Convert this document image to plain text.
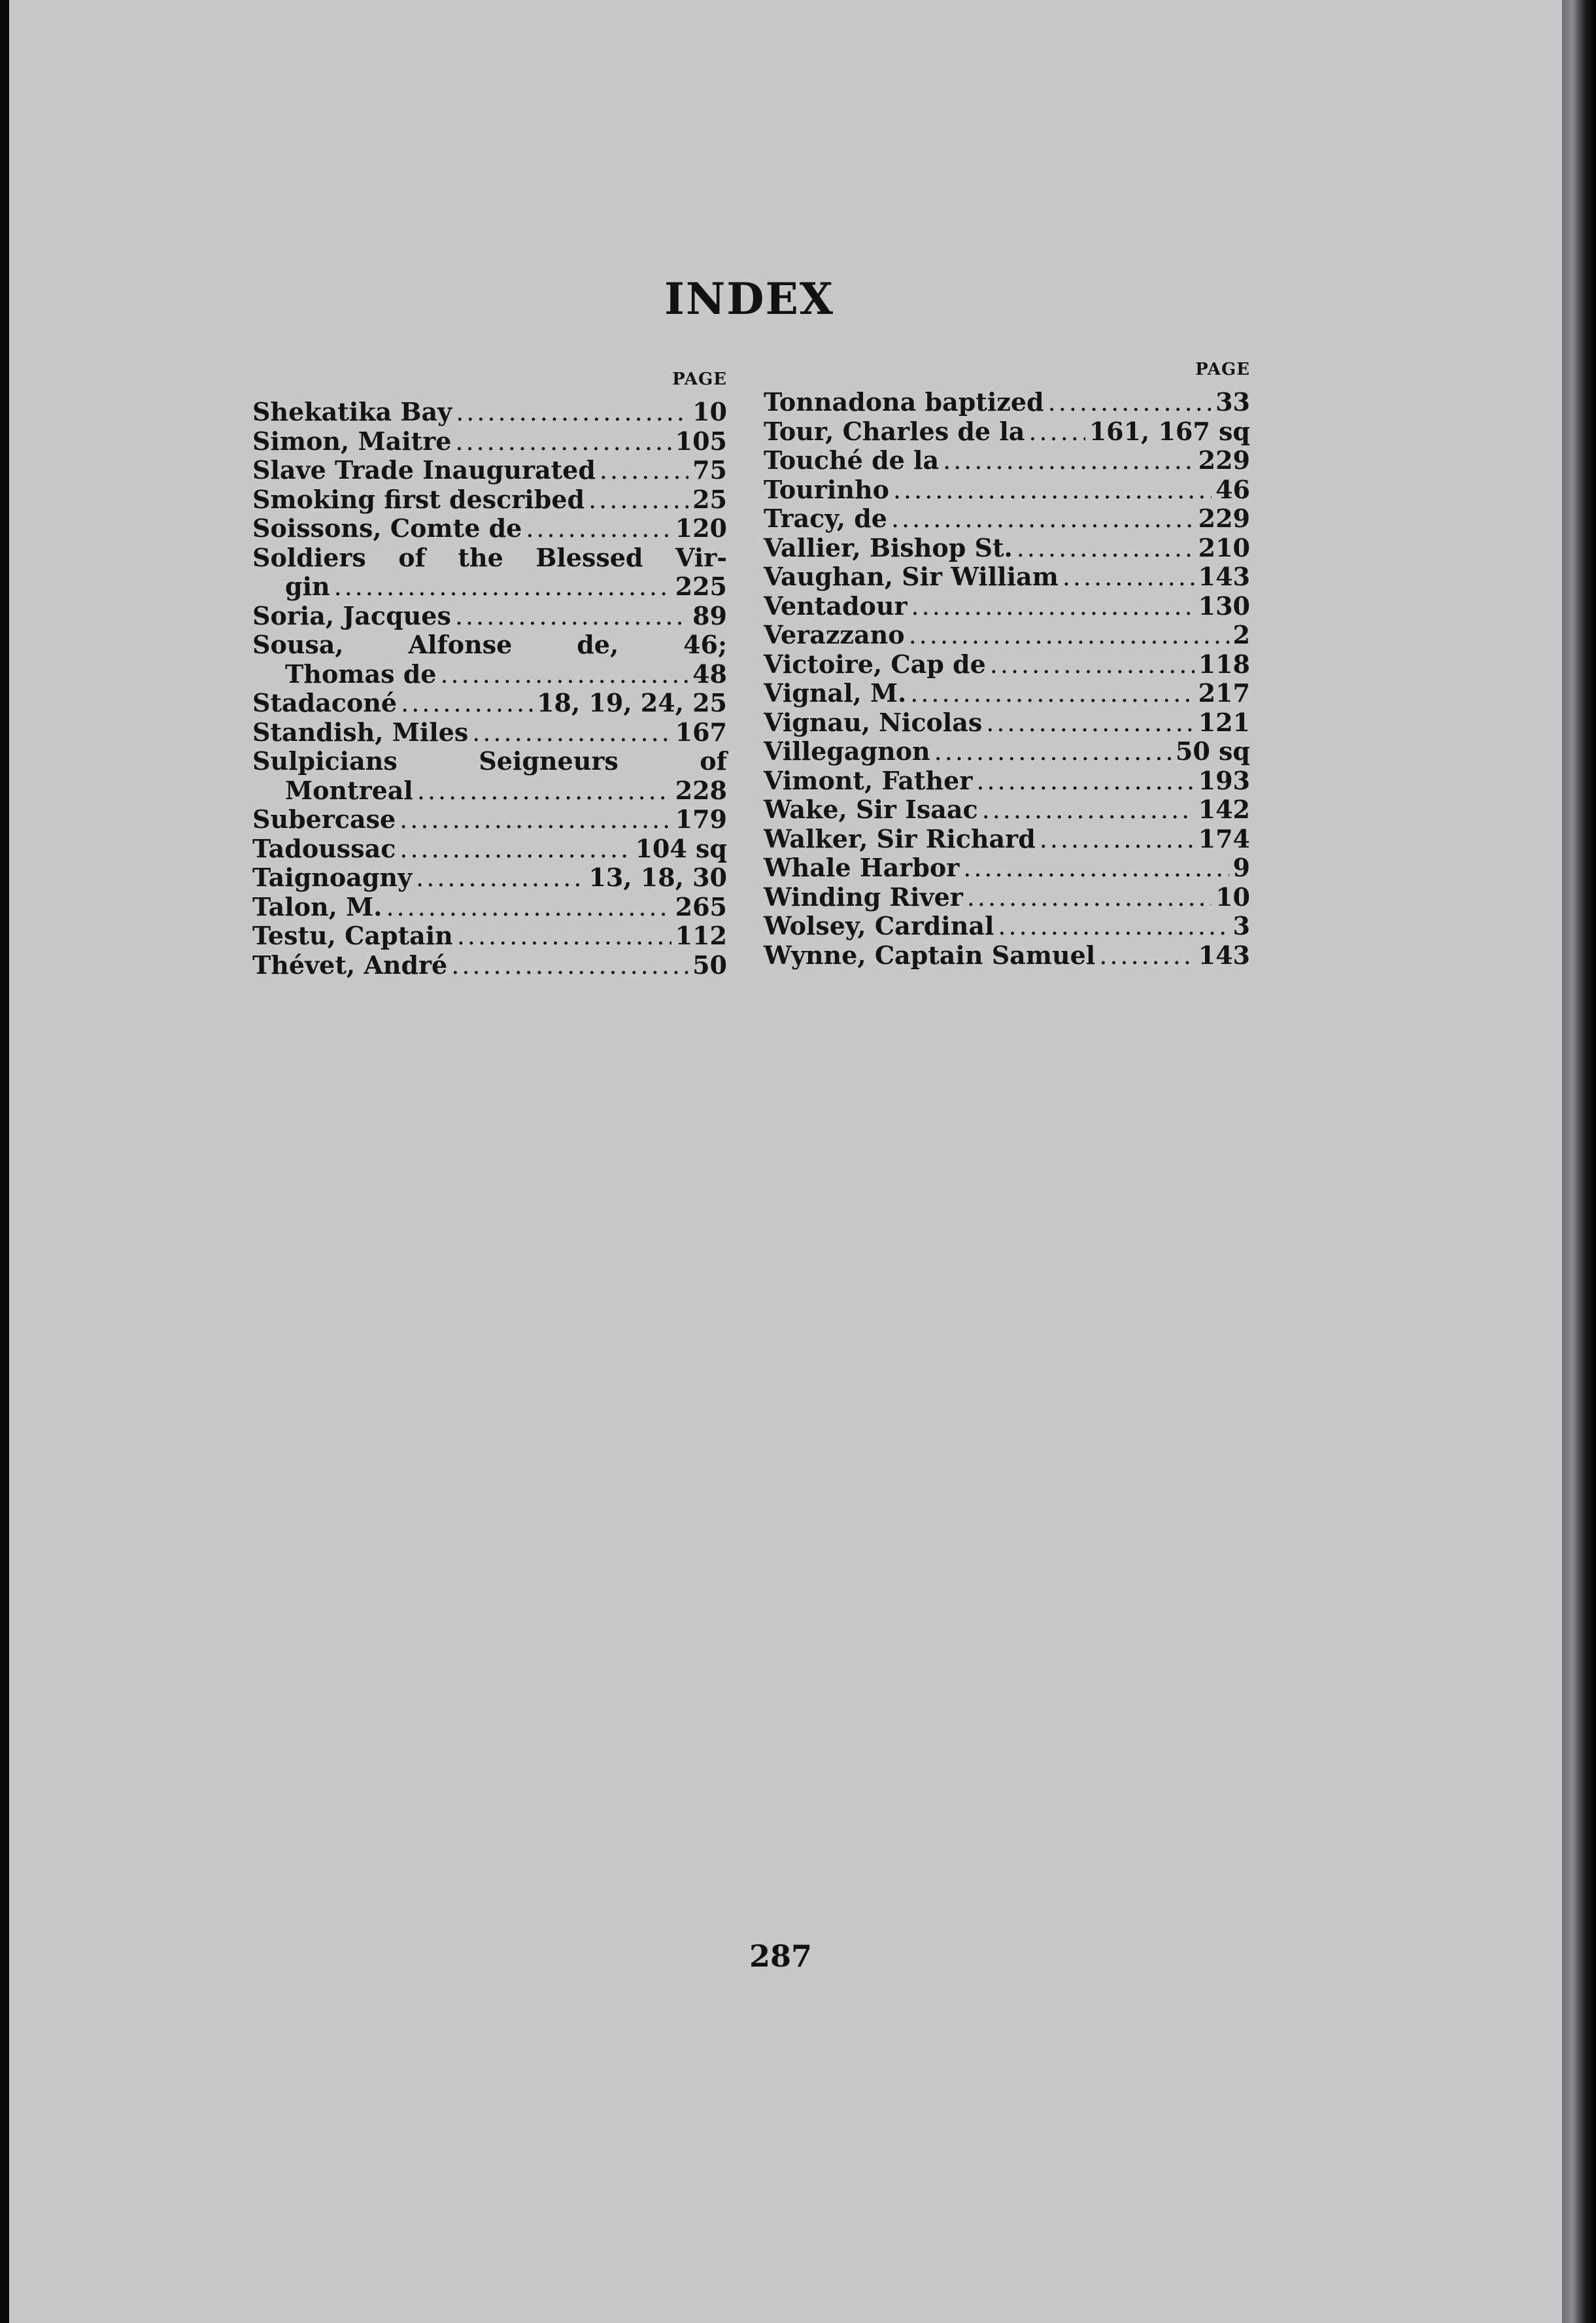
INDEX
PAGE
Shekatika Bay .....	10
Simon, Maitre .....	105
Slave Trade Inaugurated .....	75
Smoking first described .....	25
Soissons, Comte de .....	120
Soldiers of the Blessed Vir-
gin .....	225
Soria, Jacques .....	89
Sousa, Alfonse de, 46;
Thomas de .....	48
Stadaconé .....	18, 19, 24, 25
Standish, Miles .....	167
Sulpicians Seigneurs of
Montreal .....	228
Subercase .....	179
Tadoussac .....	104 sq
Taignoagny .....	13, 18, 30
Talon, M. .....	265
Testu, Captain .....	112
Thévet, André .....	50
PAGE
Tonnadona baptized .....	33
Tour, Charles de la .....	161, 167 sq
Touché de la .....	229
Tourinho .....	46
Tracy, de .....	229
Vallier, Bishop St. .....	210
Vaughan, Sir William .....	143
Ventadour .....	130
Verazzano .....	2
Victoire, Cap de .....	118
Vignal, M. .....	217
Vignau, Nicolas .....	121
Villegagnon .....	50 sq
Vimont, Father .....	193
Wake, Sir Isaac .....	142
Walker, Sir Richard .....	174
Whale Harbor .....	9
Winding River .....	10
Wolsey, Cardinal .....	3
Wynne, Captain Samuel .....	143
287
